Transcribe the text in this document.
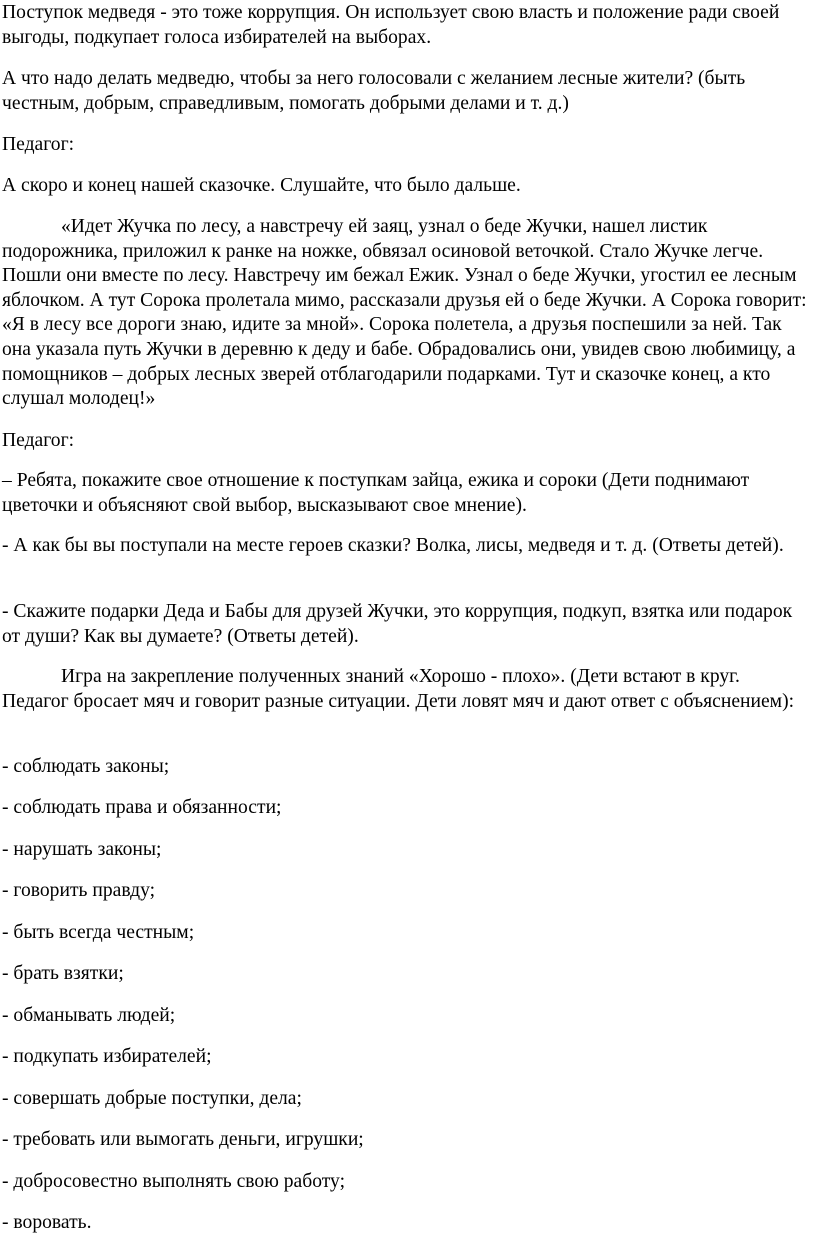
Поступок медведя - это тоже коррупция. Он использует свою власть и положение ради своей выгоды, подкупает голоса избирателей на выборах.

А что надо делать медведю, чтобы за него голосовали с желанием лесные жители? (быть честным, добрым, справедливым, помогать добрыми делами и т. д.)

Педагог:

А скоро и конец нашей сказочке. Слушайте, что было дальше.

«Идет Жучка по лесу, а навстречу ей заяц, узнал о беде Жучки, нашел листик подорожника, приложил к ранке на ножке, обвязал осиновой веточкой. Стало Жучке легче. Пошли они вместе по лесу. Навстречу им бежал Ежик. Узнал о беде Жучки, угостил ее лесным яблочком. А тут Сорока пролетала мимо, рассказали друзья ей о беде Жучки. А Сорока говорит: «Я в лесу все дороги знаю, идите за мной». Сорока полетела, а друзья поспешили за ней. Так она указала путь Жучки в деревню к деду и бабе. Обрадовались они, увидев свою любимицу, а помощников – добрых лесных зверей отблагодарили подарками. Тут и сказочке конец, а кто слушал молодец!»

Педагог:

– Ребята, покажите свое отношение к поступкам зайца, ежика и сороки (Дети поднимают цветочки и объясняют свой выбор, высказывают свое мнение).

- А как бы вы поступали на месте героев сказки? Волка, лисы, медведя и т. д. (Ответы детей).

- Скажите подарки Деда и Бабы для друзей Жучки, это коррупция, подкуп, взятка или подарок от души? Как вы думаете? (Ответы детей).

Игра на закрепление полученных знаний «Хорошо - плохо». (Дети встают в круг. Педагог бросает мяч и говорит разные ситуации. Дети ловят мяч и дают ответ с объяснением):

- соблюдать законы;

- соблюдать права и обязанности;

- нарушать законы;

- говорить правду;

- быть всегда честным;

- брать взятки;

- обманывать людей;

- подкупать избирателей;

- совершать добрые поступки, дела;

- требовать или вымогать деньги, игрушки;

- добросовестно выполнять свою работу;

- воровать.
